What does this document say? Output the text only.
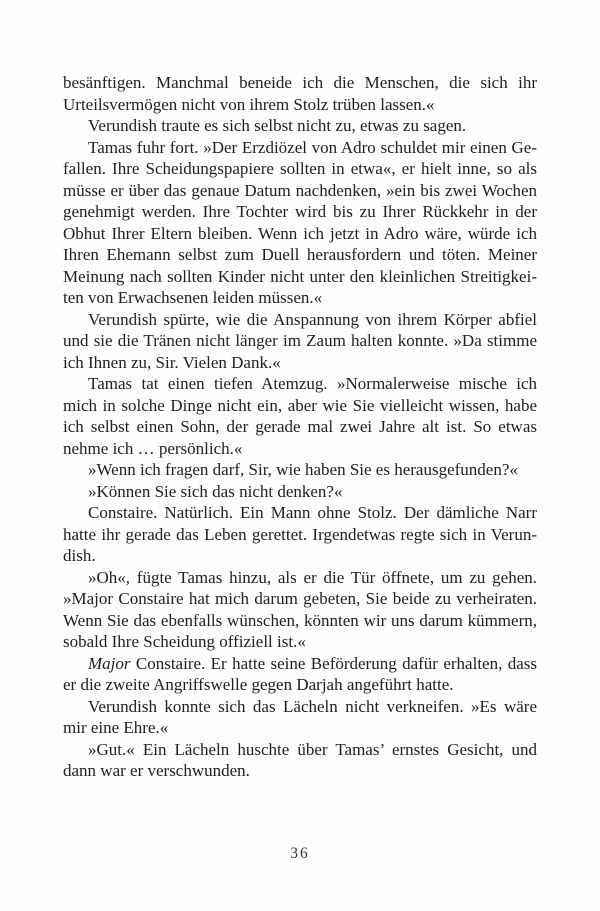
besänftigen. Manchmal beneide ich die Menschen, die sich ihr Urteilsvermögen nicht von ihrem Stolz trüben lassen.«

Verundish traute es sich selbst nicht zu, etwas zu sagen.

Tamas fuhr fort. »Der Erzdiözel von Adro schuldet mir einen Gefallen. Ihre Scheidungspapiere sollten in etwa«, er hielt inne, so als müsse er über das genaue Datum nachdenken, »ein bis zwei Wochen genehmigt werden. Ihre Tochter wird bis zu Ihrer Rückkehr in der Obhut Ihrer Eltern bleiben. Wenn ich jetzt in Adro wäre, würde ich Ihren Ehemann selbst zum Duell herausfordern und töten. Meiner Meinung nach sollten Kinder nicht unter den kleinlichen Streitigkeiten von Erwachsenen leiden müssen.«

Verundish spürte, wie die Anspannung von ihrem Körper abfiel und sie die Tränen nicht länger im Zaum halten konnte. »Da stimme ich Ihnen zu, Sir. Vielen Dank.«

Tamas tat einen tiefen Atemzug. »Normalerweise mische ich mich in solche Dinge nicht ein, aber wie Sie vielleicht wissen, habe ich selbst einen Sohn, der gerade mal zwei Jahre alt ist. So etwas nehme ich … persönlich.«

»Wenn ich fragen darf, Sir, wie haben Sie es herausgefunden?«

»Können Sie sich das nicht denken?«

Constaire. Natürlich. Ein Mann ohne Stolz. Der dämliche Narr hatte ihr gerade das Leben gerettet. Irgendetwas regte sich in Verundish.

»Oh«, fügte Tamas hinzu, als er die Tür öffnete, um zu gehen. »Major Constaire hat mich darum gebeten, Sie beide zu verheiraten. Wenn Sie das ebenfalls wünschen, könnten wir uns darum kümmern, sobald Ihre Scheidung offiziell ist.«

Major Constaire. Er hatte seine Beförderung dafür erhalten, dass er die zweite Angriffswelle gegen Darjah angeführt hatte.

Verundish konnte sich das Lächeln nicht verkneifen. »Es wäre mir eine Ehre.«

»Gut.« Ein Lächeln huschte über Tamas’ ernstes Gesicht, und dann war er verschwunden.

36
